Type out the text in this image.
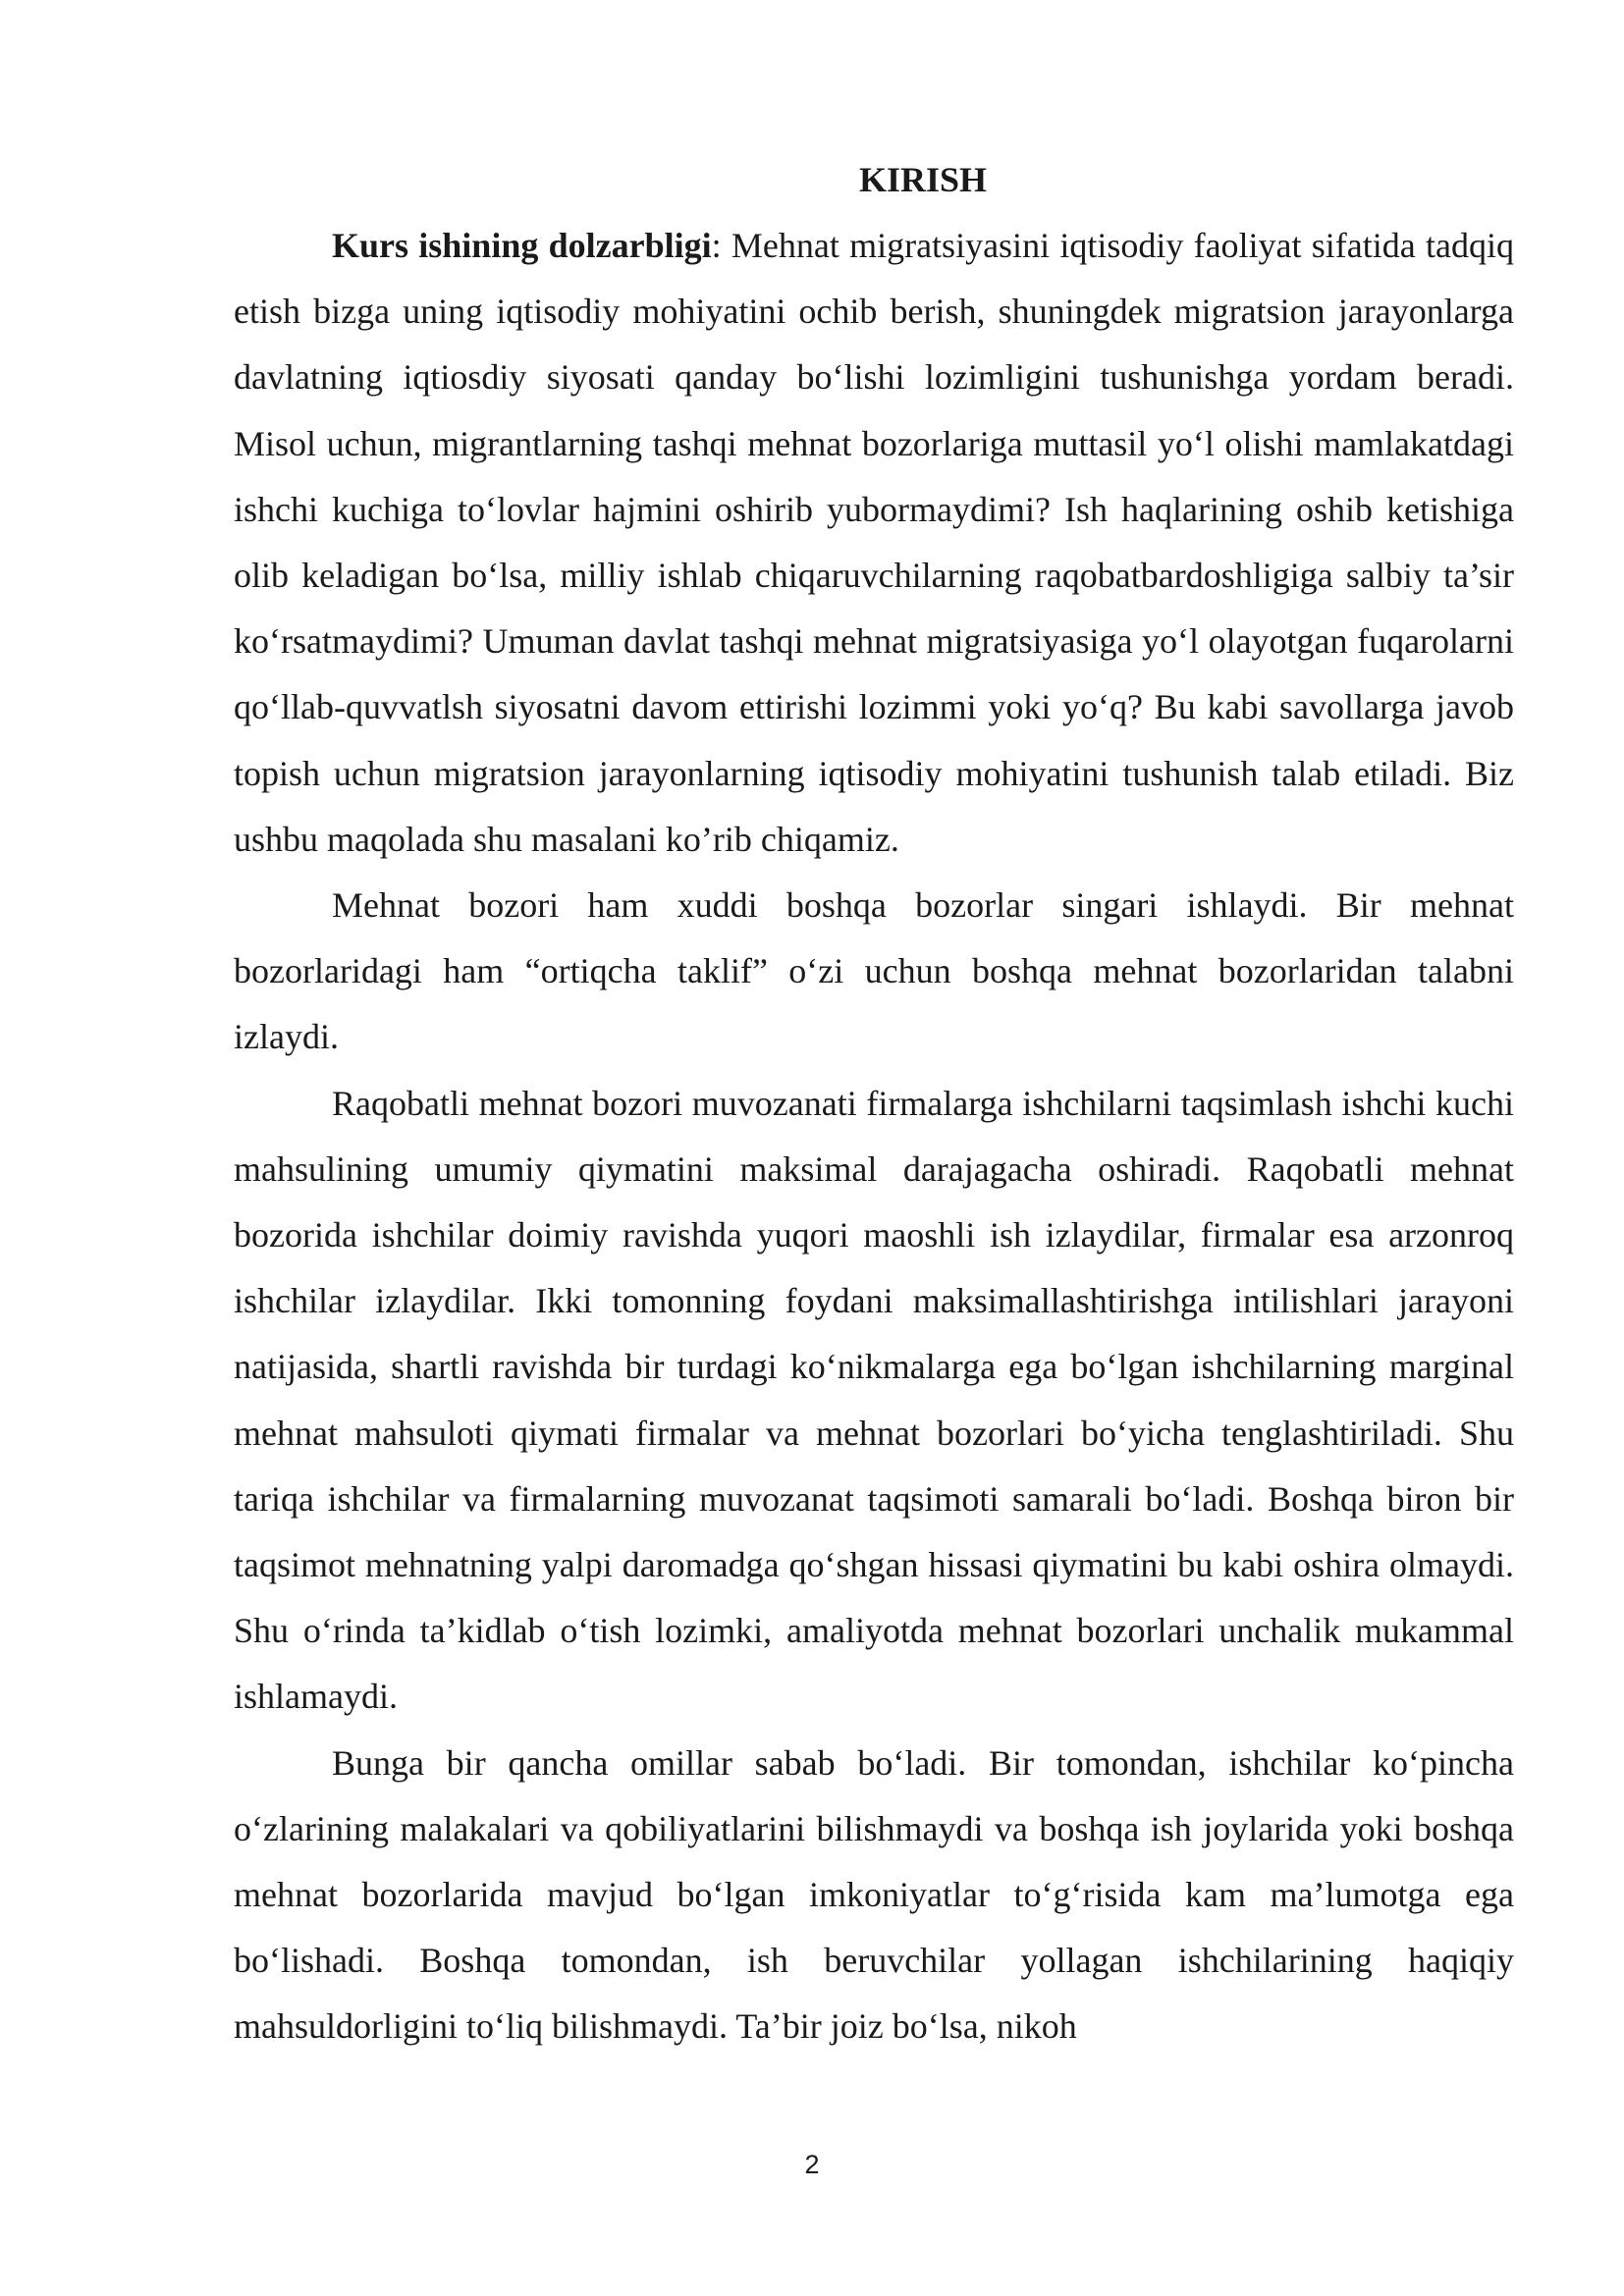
KIRISH

Kurs ishining dolzarbligi: Mehnat migratsiyasini iqtisodiy faoliyat sifatida tadqiq etish bizga uning iqtisodiy mohiyatini ochib berish, shuningdek migratsion jarayonlarga davlatning iqtiosdiy siyosati qanday bo‘lishi lozimligini tushunishga yordam beradi. Misol uchun, migrantlarning tashqi mehnat bozorlariga muttasil yo‘l olishi mamlakatdagi ishchi kuchiga to‘lovlar hajmini oshirib yubormaydimi? Ish haqlarining oshib ketishiga olib keladigan bo‘lsa, milliy ishlab chiqaruvchilarning raqobatbardoshligiga salbiy ta’sir ko‘rsatmaydimi? Umuman davlat tashqi mehnat migratsiyasiga yo‘l olayotgan fuqarolarni qo‘llab-quvvatlsh siyosatni davom ettirishi lozimmi yoki yo‘q? Bu kabi savollarga javob topish uchun migratsion jarayonlarning iqtisodiy mohiyatini tushunish talab etiladi. Biz ushbu maqolada shu masalani ko’rib chiqamiz.

Mehnat bozori ham xuddi boshqa bozorlar singari ishlaydi. Bir mehnat bozorlaridagi ham “ortiqcha taklif” o‘zi uchun boshqa mehnat bozorlaridan talabni izlaydi.

Raqobatli mehnat bozori muvozanati firmalarga ishchilarni taqsimlash ishchi kuchi mahsulining umumiy qiymatini maksimal darajagacha oshiradi. Raqobatli mehnat bozorida ishchilar doimiy ravishda yuqori maoshli ish izlaydilar, firmalar esa arzonroq ishchilar izlaydilar. Ikki tomonning foydani maksimallashtirishga intilishlari jarayoni natijasida, shartli ravishda bir turdagi ko‘nikmalarga ega bo‘lgan ishchilarning marginal mehnat mahsuloti qiymati firmalar va mehnat bozorlari bo‘yicha tenglashtiriladi. Shu tariqa ishchilar va firmalarning muvozanat taqsimoti samarali bo‘ladi. Boshqa biron bir taqsimot mehnatning yalpi daromadga qo‘shgan hissasi qiymatini bu kabi oshira olmaydi. Shu o‘rinda ta’kidlab o‘tish lozimki, amaliyotda mehnat bozorlari unchalik mukammal ishlamaydi.

Bunga bir qancha omillar sabab bo‘ladi. Bir tomondan, ishchilar ko‘pincha o‘zlarining malakalari va qobiliyatlarini bilishmaydi va boshqa ish joylarida yoki boshqa mehnat bozorlarida mavjud bo‘lgan imkoniyatlar to‘g‘risida kam ma’lumotga ega bo‘lishadi. Boshqa tomondan, ish beruvchilar yollagan ishchilarining haqiqiy mahsuldorligini to‘liq bilishmaydi. Ta’bir joiz bo‘lsa, nikoh

2
